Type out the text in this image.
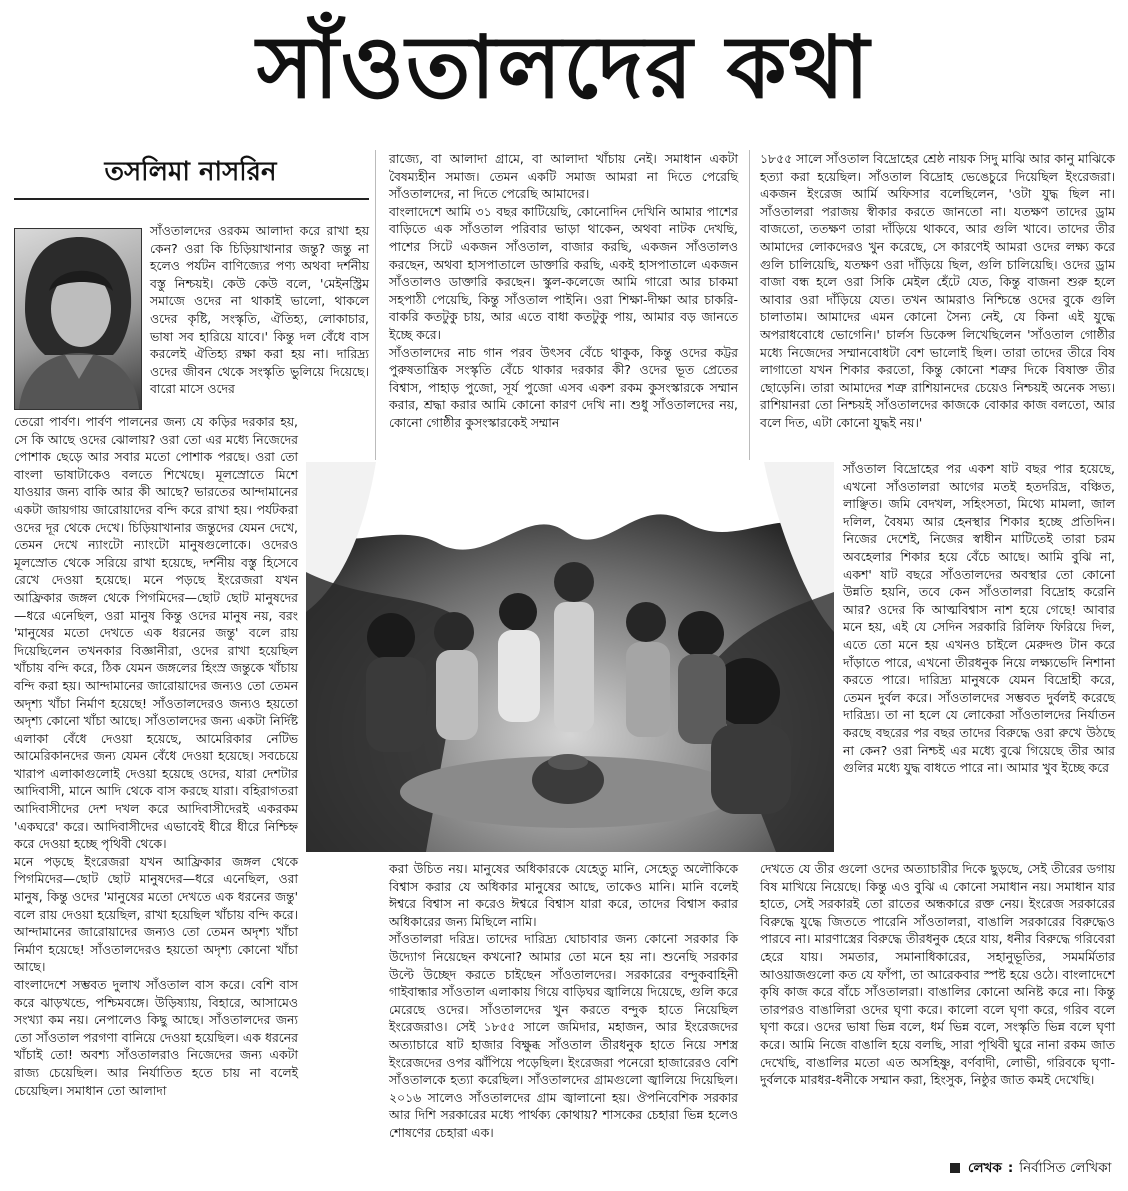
সাঁওতালদের কথা
তসলিমা নাসরিন

সাঁওতালদের ওরকম আলাদা করে রাখা হয় কেন? ওরা কি চিড়িয়াখানার জন্তু? জন্তু না হলেও পর্যটন বাণিজ্যের পণ্য অথবা দর্শনীয় বস্তু নিশ্চয়ই। কেউ কেউ বলে, 'মেইনস্ট্রিম সমাজে ওদের না থাকাই ভালো, থাকলে ওদের কৃষ্টি, সংস্কৃতি, ঐতিহ্য, লোকাচার, ভাষা সব হারিয়ে যাবে।' কিন্তু দল বেঁধে বাস করলেই ঐতিহ্য রক্ষা করা হয় না। দারিদ্র্য ওদের জীবন থেকে সংস্কৃতি ভুলিয়ে দিয়েছে। বারো মাসে ওদের

তেরো পার্বণ। পার্বণ পালনের জন্য যে কড়ির দরকার হয়, সে কি আছে ওদের ঝোলায়? ওরা তো এর মধ্যে নিজেদের পোশাক ছেড়ে আর সবার মতো পোশাক পরছে। ওরা তো বাংলা ভাষাটাকেও বলতে শিখেছে। মূলস্রোতে মিশে যাওয়ার জন্য বাকি আর কী আছে? ভারতের আন্দামানের একটা জায়গায় জারোয়াদের বন্দি করে রাখা হয়। পর্যটকরা ওদের দূর থেকে দেখে। চিড়িয়াখানার জন্তুদের যেমন দেখে, তেমন দেখে ন্যাংটো ন্যাংটো মানুষগুলোকে। ওদেরও মূলস্রোত থেকে সরিয়ে রাখা হয়েছে, দর্শনীয় বস্তু হিসেবে রেখে দেওয়া হয়েছে। মনে পড়ছে ইংরেজরা যখন আফ্রিকার জঙ্গল থেকে পিগমিদের—ছোট ছোট মানুষদের—ধরে এনেছিল, ওরা মানুষ কিন্তু ওদের মানুষ নয়, বরং 'মানুষের মতো দেখতে এক ধরনের জন্তু' বলে রায় দিয়েছিলেন তখনকার বিজ্ঞানীরা, ওদের রাখা হয়েছিল খাঁচায় বন্দি করে, ঠিক যেমন জঙ্গলের হিংস্র জন্তুকে খাঁচায় বন্দি করা হয়। আন্দামানের জারোয়াদের জন্যও তো তেমন অদৃশ্য খাঁচা নির্মাণ হয়েছে! সাঁওতালদেরও জন্যও হয়তো অদৃশ্য কোনো খাঁচা আছে। সাঁওতালদের জন্য একটা নির্দিষ্ট এলাকা বেঁধে দেওয়া হয়েছে, আমেরিকার নেটিভ আমেরিকানদের জন্য যেমন বেঁধে দেওয়া হয়েছে। সবচেয়ে খারাপ এলাকাগুলোই দেওয়া হয়েছে ওদের, যারা দেশটার আদিবাসী, মানে আদি থেকে বাস করছে যারা। বহিরাগতরা আদিবাসীদের দেশ দখল করে আদিবাসীদেরই একরকম 'একঘরে' করে। আদিবাসীদের এভাবেই ধীরে ধীরে নিশ্চিহ্ন করে দেওয়া হচ্ছে পৃথিবী থেকে।

মনে পড়ছে ইংরেজরা যখন আফ্রিকার জঙ্গল থেকে পিগমিদের—ছোট ছোট মানুষদের—ধরে এনেছিল, ওরা মানুষ, কিন্তু ওদের 'মানুষের মতো দেখতে এক ধরনের জন্তু' বলে রায় দেওয়া হয়েছিল, রাখা হয়েছিল খাঁচায় বন্দি করে। আন্দামানের জারোয়াদের জন্যও তো তেমন অদৃশ্য খাঁচা নির্মাণ হয়েছে! সাঁওতালদেরও হয়তো অদৃশ্য কোনো খাঁচা আছে।

বাংলাদেশে সম্ভবত দুলাখ সাঁওতাল বাস করে। বেশি বাস করে ঝাড়খন্ডে, পশ্চিমবঙ্গে। উড়িষ্যায়, বিহারে, আসামেও সংখ্যা কম নয়। নেপালেও কিছু আছে। সাঁওতালদের জন্য তো সাঁওতাল পরগণা বানিয়ে দেওয়া হয়েছিল। এক ধরনের খাঁচাই তো! অবশ্য সাঁওতালরাও নিজেদের জন্য একটা রাজ্য চেয়েছিল। আর নির্যাতিত হতে চায় না বলেই চেয়েছিল। সমাধান তো আলাদা

রাজ্যে, বা আলাদা গ্রামে, বা আলাদা খাঁচায় নেই। সমাধান একটা বৈষম্যহীন সমাজ। তেমন একটি সমাজ আমরা না দিতে পেরেছি সাঁওতালদের, না দিতে পেরেছি আমাদের।

বাংলাদেশে আমি ৩১ বছর কাটিয়েছি, কোনোদিন দেখিনি আমার পাশের বাড়িতে এক সাঁওতাল পরিবার ভাড়া থাকেন, অথবা নাটক দেখছি, পাশের সিটে একজন সাঁওতাল, বাজার করছি, একজন সাঁওতালও করছেন, অথবা হাসপাতালে ডাক্তারি করছি, একই হাসপাতালে একজন সাঁওতালও ডাক্তারি করছেন। স্কুল-কলেজে আমি গারো আর চাকমা সহপাঠী পেয়েছি, কিন্তু সাঁওতাল পাইনি। ওরা শিক্ষা-দীক্ষা আর চাকরি-বাকরি কতটুকু চায়, আর এতে বাধা কতটুকু পায়, আমার বড় জানতে ইচ্ছে করে।

সাঁওতালদের নাচ গান পরব উৎসব বেঁচে থাকুক, কিন্তু ওদের কট্টর পুরুষতান্ত্রিক সংস্কৃতি বেঁচে থাকার দরকার কী? ওদের ভূত প্রেতের বিশ্বাস, পাহাড় পুজো, সূর্য পুজো এসব একশ রকম কুসংস্কারকে সম্মান করার, শ্রদ্ধা করার আমি কোনো কারণ দেখি না। শুধু সাঁওতালদের নয়, কোনো গোষ্ঠীর কুসংস্কারকেই সম্মান

১৮৫৫ সালে সাঁওতাল বিদ্রোহের শ্রেষ্ঠ নায়ক সিদু মাঝি আর কানু মাঝিকে হত্যা করা হয়েছিল। সাঁওতাল বিদ্রোহ ভেঙেচুরে দিয়েছিল ইংরেজরা। একজন ইংরেজ আর্মি অফিসার বলেছিলেন, 'ওটা যুদ্ধ ছিল না। সাঁওতালরা পরাজয় স্বীকার করতে জানতো না। যতক্ষণ তাদের ড্রাম বাজতো, ততক্ষণ তারা দাঁড়িয়ে থাকবে, আর গুলি খাবে। তাদের তীর আমাদের লোকদেরও খুন করেছে, সে কারণেই আমরা ওদের লক্ষ্য করে গুলি চালিয়েছি, যতক্ষণ ওরা দাঁড়িয়ে ছিল, গুলি চালিয়েছি। ওদের ড্রাম বাজা বন্ধ হলে ওরা সিকি মেইল হেঁটে যেত, কিন্তু বাজনা শুরু হলে আবার ওরা দাঁড়িয়ে যেত। তখন আমরাও নিশ্চিন্তে ওদের বুকে গুলি চালাতাম। আমাদের এমন কোনো সৈন্য নেই, যে কিনা এই যুদ্ধে অপরাধবোধে ভোগেনি।' চার্লস ডিকেন্স লিখেছিলেন 'সাঁওতাল গোষ্ঠীর মধ্যে নিজেদের সম্মানবোধটা বেশ ভালোই ছিল। তারা তাদের তীরে বিষ লাগাতো যখন শিকার করতো, কিন্তু কোনো শত্রুর দিকে বিষাক্ত তীর ছোড়েনি। তারা আমাদের শত্রু রাশিয়ানদের চেয়েও নিশ্চয়ই অনেক সভ্য। রাশিয়ানরা তো নিশ্চয়ই সাঁওতালদের কাজকে বোকার কাজ বলতো, আর বলে দিত, এটা কোনো যুদ্ধই নয়।'

সাঁওতাল বিদ্রোহের পর একশ ষাট বছর পার হয়েছে, এখনো সাঁওতালরা আগের মতই হতদরিদ্র, বঞ্চিত, লাঞ্ছিত। জমি বেদখল, সহিংসতা, মিথ্যে মামলা, জাল দলিল, বৈষম্য আর হেনস্থার শিকার হচ্ছে প্রতিদিন। নিজের দেশেই, নিজের স্বাধীন মাটিতেই তারা চরম অবহেলার শিকার হয়ে বেঁচে আছে। আমি বুঝি না, একশ' ষাট বছরে সাঁওতালদের অবস্থার তো কোনো উন্নতি হয়নি, তবে কেন সাঁওতালরা বিদ্রোহ করেনি আর? ওদের কি আত্মবিশ্বাস নাশ হয়ে গেছে! আবার মনে হয়, এই যে সেদিন সরকারি রিলিফ ফিরিয়ে দিল, এতে তো মনে হয় এখনও চাইলে মেরুদণ্ড টান করে দাঁড়াতে পারে, এখনো তীরধনুক নিয়ে লক্ষ্যভেদি নিশানা করতে পারে। দারিদ্র্য মানুষকে যেমন বিদ্রোহী করে, তেমন দুর্বল করে। সাঁওতালদের সম্ভবত দুর্বলই করেছে দারিদ্র্য। তা না হলে যে লোকেরা সাঁওতালদের নির্যাতন করছে বছরের পর বছর তাদের বিরুদ্ধে ওরা রুখে উঠছে না কেন? ওরা নিশ্চই এর মধ্যে বুঝে গিয়েছে তীর আর গুলির মধ্যে যুদ্ধ বাধতে পারে না। আমার খুব ইচ্ছে করে

করা উচিত নয়। মানুষের অধিকারকে যেহেতু মানি, সেহেতু অলৌকিকে বিশ্বাস করার যে অধিকার মানুষের আছে, তাকেও মানি। মানি বলেই ঈশ্বরে বিশ্বাস না করেও ঈশ্বরে বিশ্বাস যারা করে, তাদের বিশ্বাস করার অধিকারের জন্য মিছিলে নামি।

সাঁওতালরা দরিদ্র। তাদের দারিদ্র্য ঘোচাবার জন্য কোনো সরকার কি উদ্যোগ নিয়েছেন কখনো? আমার তো মনে হয় না। শুনেছি সরকার উল্টে উচ্ছেদ করতে চাইছেন সাঁওতালদের। সরকারের বন্দুকবাহিনী গাইবান্ধার সাঁওতাল এলাকায় গিয়ে বাড়িঘর জ্বালিয়ে দিয়েছে, গুলি করে মেরেছে ওদের। সাঁওতালদের খুন করতে বন্দুক হাতে নিয়েছিল ইংরেজরাও। সেই ১৮৫৫ সালে জমিদার, মহাজন, আর ইংরেজদের অত্যাচারে ষাট হাজার বিক্ষুব্ধ সাঁওতাল তীরধনুক হাতে নিয়ে সশস্ত্র ইংরেজদের ওপর ঝাঁপিয়ে পড়েছিল। ইংরেজরা পনেরো হাজারেরও বেশি সাঁওতালকে হত্যা করেছিল। সাঁওতালদের গ্রামগুলো জ্বালিয়ে দিয়েছিল। ২০১৬ সালেও সাঁওতালদের গ্রাম জ্বালানো হয়। ঔপনিবেশিক সরকার আর দিশি সরকারের মধ্যে পার্থক্য কোথায়? শাসকের চেহারা ভিন্ন হলেও শোষণের চেহারা এক।

দেখতে যে তীর গুলো ওদের অত্যাচারীর দিকে ছুড়ছে, সেই তীরের ডগায় বিষ মাখিয়ে নিয়েছে। কিন্তু এও বুঝি এ কোনো সমাধান নয়। সমাধান যার হাতে, সেই সরকারই তো রাতের অন্ধকারে রক্ত নেয়। ইংরেজ সরকারের বিরুদ্ধে যুদ্ধে জিততে পারেনি সাঁওতালরা, বাঙালি সরকারের বিরুদ্ধেও পারবে না। মারণাস্ত্রের বিরুদ্ধে তীরধনুক হেরে যায়, ধনীর বিরুদ্ধে গরিবেরা হেরে যায়। সমতার, সমানাধিকারের, সহানুভূতির, সমমর্মিতার আওয়াজগুলো কত যে ফাঁপা, তা আরেকবার স্পষ্ট হয়ে ওঠে। বাংলাদেশে কৃষি কাজ করে বাঁচে সাঁওতালরা। বাঙালির কোনো অনিষ্ট করে না। কিন্তু তারপরও বাঙালিরা ওদের ঘৃণা করে। কালো বলে ঘৃণা করে, গরিব বলে ঘৃণা করে। ওদের ভাষা ভিন্ন বলে, ধর্ম ভিন্ন বলে, সংস্কৃতি ভিন্ন বলে ঘৃণা করে। আমি নিজে বাঙালি হয়ে বলছি, সারা পৃথিবী ঘুরে নানা রকম জাত দেখেছি, বাঙালির মতো এত অসহিষ্ণু, বর্ণবাদী, লোভী, গরিবকে ঘৃণা-দুর্বলকে মারধর-ধনীকে সম্মান করা, হিংসুক, নিষ্ঠুর জাত কমই দেখেছি।

লেখক : নির্বাসিত লেখিকা
